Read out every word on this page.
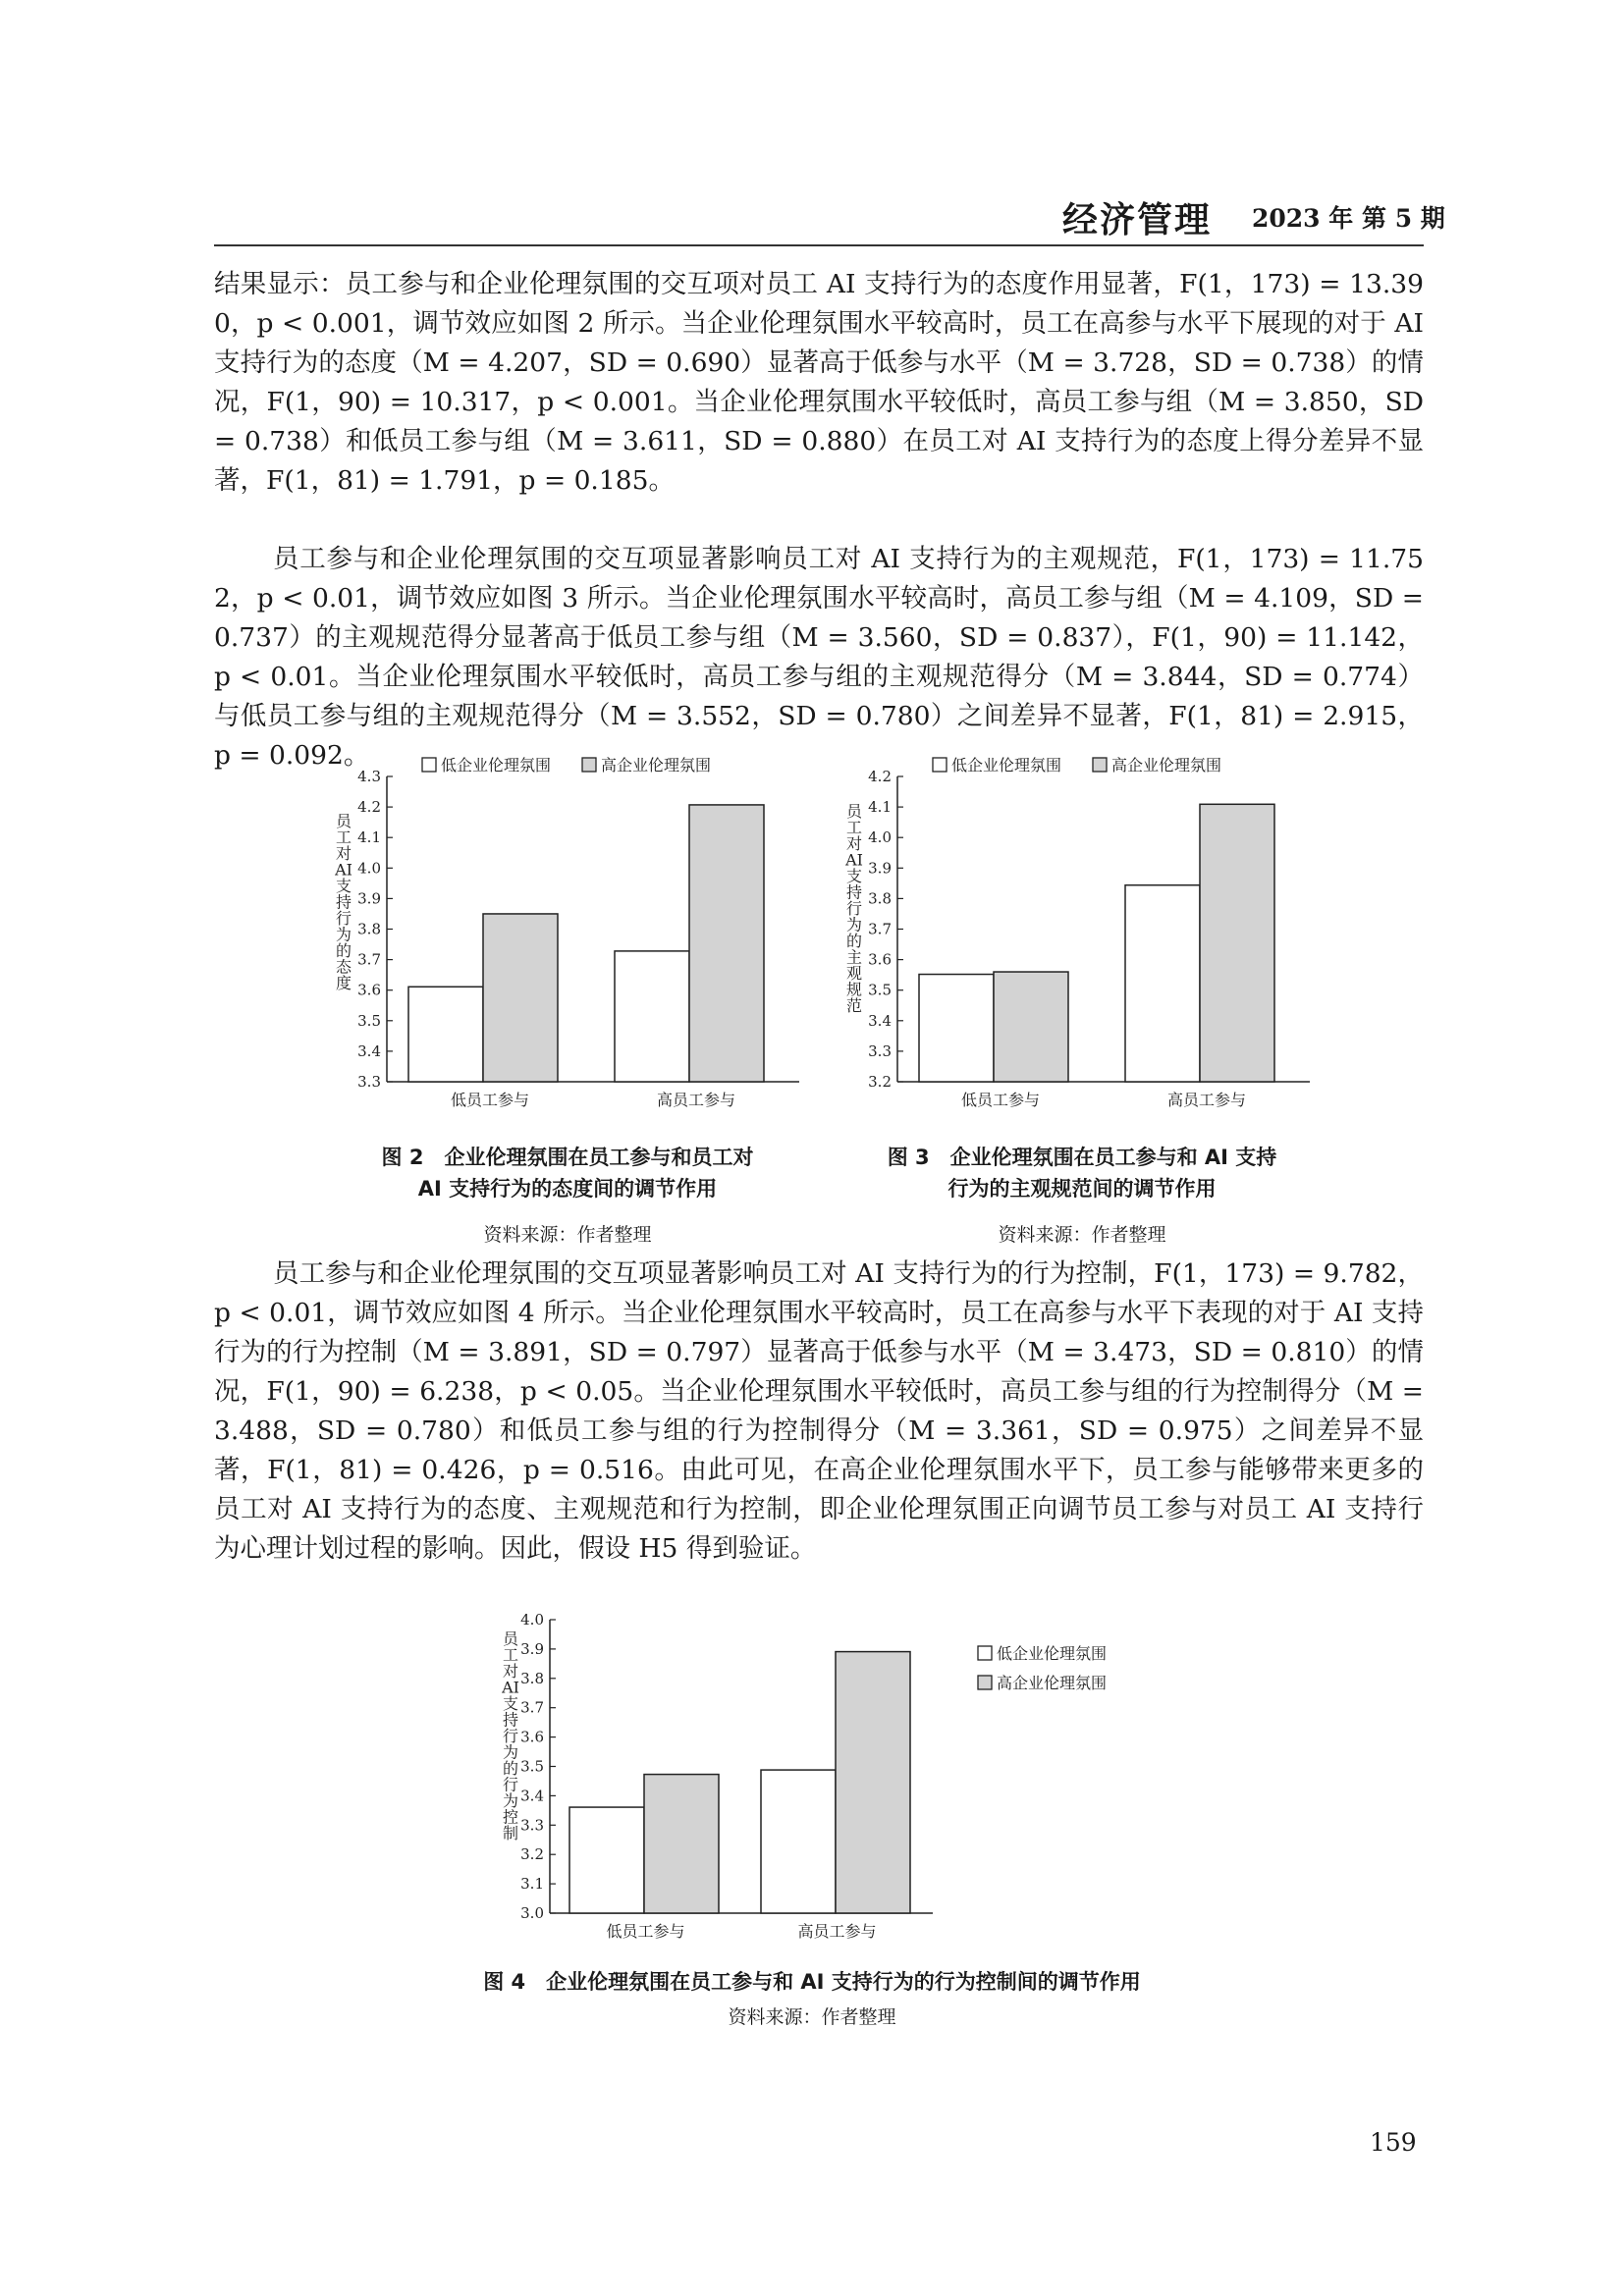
经济管理 2023 年 第 5 期

结果显示：员工参与和企业伦理氛围的交互项对员工 AI 支持行为的态度作用显著，F(1，173) = 13.390，p < 0.001，调节效应如图 2 所示。当企业伦理氛围水平较高时，员工在高参与水平下展现的对于 AI 支持行为的态度（M = 4.207，SD = 0.690）显著高于低参与水平（M = 3.728，SD = 0.738）的情况，F(1，90) = 10.317，p < 0.001。当企业伦理氛围水平较低时，高员工参与组（M = 3.850，SD = 0.738）和低员工参与组（M = 3.611，SD = 0.880）在员工对 AI 支持行为的态度上得分差异不显著，F(1，81) = 1.791，p = 0.185。

员工参与和企业伦理氛围的交互项显著影响员工对 AI 支持行为的主观规范，F(1，173) = 11.752，p < 0.01，调节效应如图 3 所示。当企业伦理氛围水平较高时，高员工参与组（M = 4.109，SD = 0.737）的主观规范得分显著高于低员工参与组（M = 3.560，SD = 0.837），F(1，90) = 11.142，p < 0.01。当企业伦理氛围水平较低时，高员工参与组的主观规范得分（M = 3.844，SD = 0.774）与低员工参与组的主观规范得分（M = 3.552，SD = 0.780）之间差异不显著，F(1，81) = 2.915，p = 0.092。

3.3
3.4
3.5
3.6
3.7
3.8
3.9
4.0
4.1
4.2
4.3
员工对 AI 支持行为的态度
低员工参与	高员工参与
低企业伦理氛围	高企业伦理氛围
3.2
3.3
3.4
3.5
3.6
3.7
3.8
3.9
4.0
4.1
4.2
员工对 AI 支持行为的主观规范
低员工参与	高员工参与
低企业伦理氛围	高企业伦理氛围
图 2　企业伦理氛围在员工参与和员工对
AI 支持行为的态度间的调节作用
资料来源：作者整理
图 3　企业伦理氛围在员工参与和 AI 支持
行为的主观规范间的调节作用
资料来源：作者整理

员工参与和企业伦理氛围的交互项显著影响员工对 AI 支持行为的行为控制，F(1，173) = 9.782，p < 0.01，调节效应如图 4 所示。当企业伦理氛围水平较高时，员工在高参与水平下表现的对于 AI 支持行为的行为控制（M = 3.891，SD = 0.797）显著高于低参与水平（M = 3.473，SD = 0.810）的情况，F(1，90) = 6.238，p < 0.05。当企业伦理氛围水平较低时，高员工参与组的行为控制得分（M = 3.488，SD = 0.780）和低员工参与组的行为控制得分（M = 3.361，SD = 0.975）之间差异不显著，F(1，81) = 0.426，p = 0.516。由此可见，在高企业伦理氛围水平下，员工参与能够带来更多的员工对 AI 支持行为的态度、主观规范和行为控制，即企业伦理氛围正向调节员工参与对员工 AI 支持行为心理计划过程的影响。因此，假设 H5 得到验证。

3.0
3.1
3.2
3.3
3.4
3.5
3.6
3.7
3.8
3.9
4.0
员工对 AI 支持行为的行为控制
低员工参与	高员工参与
低企业伦理氛围
高企业伦理氛围
图 4　企业伦理氛围在员工参与和 AI 支持行为的行为控制间的调节作用
资料来源：作者整理
159
